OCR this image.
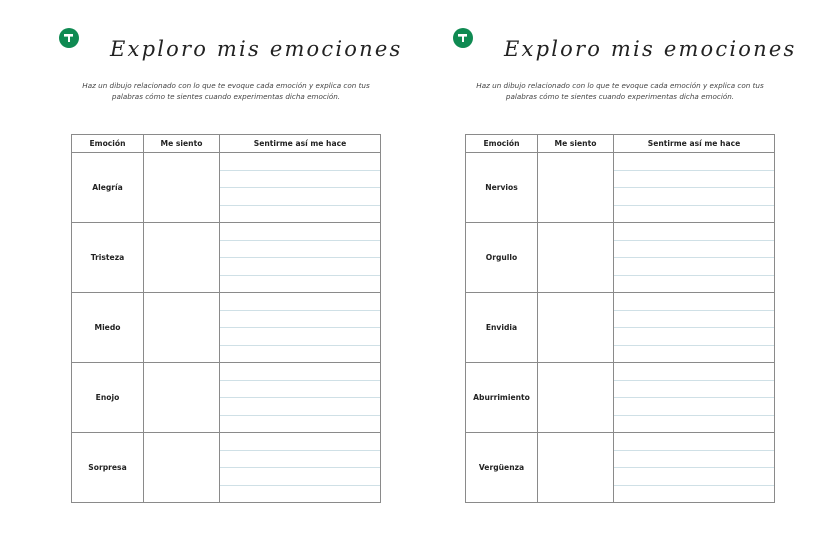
Exploro mis emociones
Haz un dibujo relacionado con lo que te evoque cada emoción y explica con tus
palabras cómo te sientes cuando experimentas dicha emoción.
Emoción	Me siento	Sentirme así me hace
Alegría		

Tristeza		

Miedo		

Enojo		

Sorpresa		
Exploro mis emociones
Haz un dibujo relacionado con lo que te evoque cada emoción y explica con tus
palabras cómo te sientes cuando experimentas dicha emoción.
Emoción	Me siento	Sentirme así me hace
Nervios		

Orgullo		

Envidia		

Aburrimiento		

Vergüenza		
